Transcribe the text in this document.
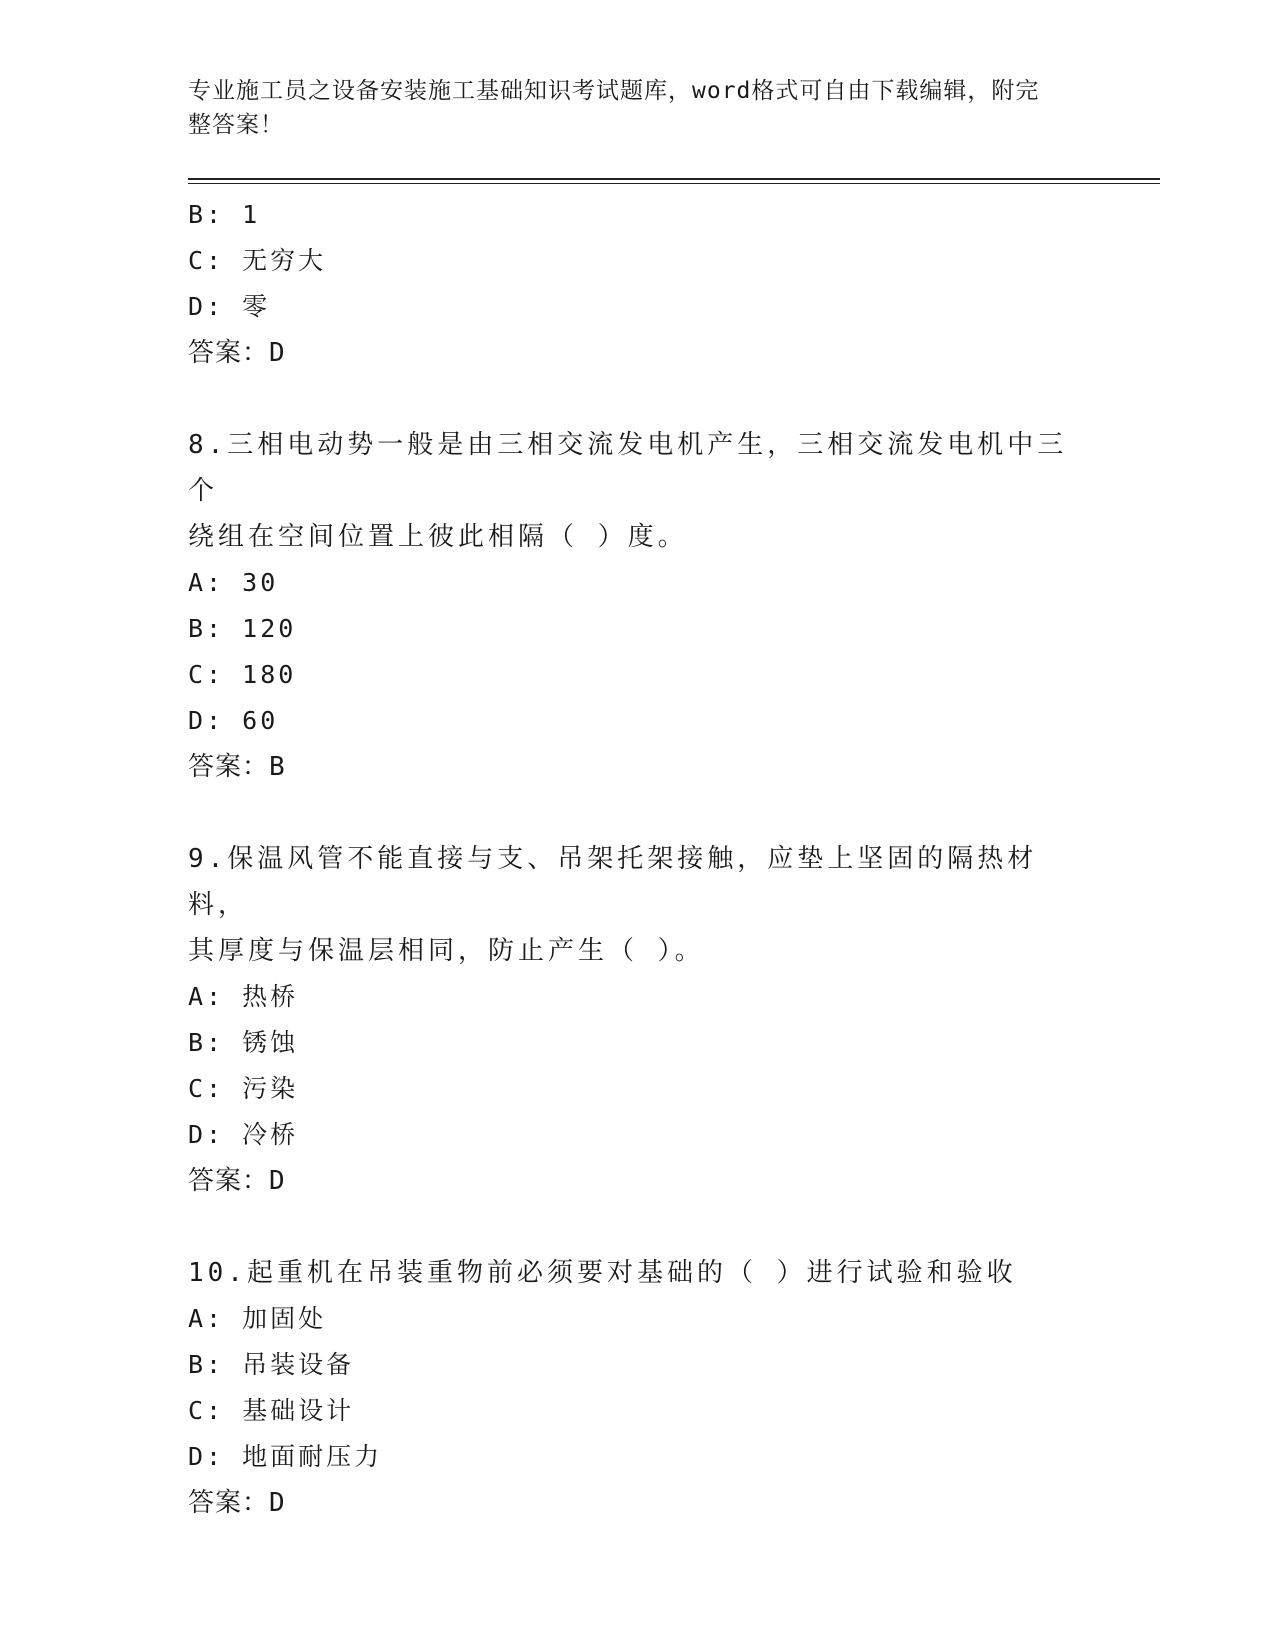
专业施工员之设备安装施工基础知识考试题库，word格式可自由下载编辑，附完
整答案！
B: 1
C: 无穷大
D: 零
答案：D
8.三相电动势一般是由三相交流发电机产生，三相交流发电机中三个
绕组在空间位置上彼此相隔（ ）度。
A: 30
B: 120
C: 180
D: 60
答案：B
9.保温风管不能直接与支、吊架托架接触，应垫上坚固的隔热材料，
其厚度与保温层相同，防止产生（ ）。
A: 热桥
B: 锈蚀
C: 污染
D: 冷桥
答案：D
10.起重机在吊装重物前必须要对基础的（ ）进行试验和验收
A: 加固处
B: 吊装设备
C: 基础设计
D: 地面耐压力
答案：D
